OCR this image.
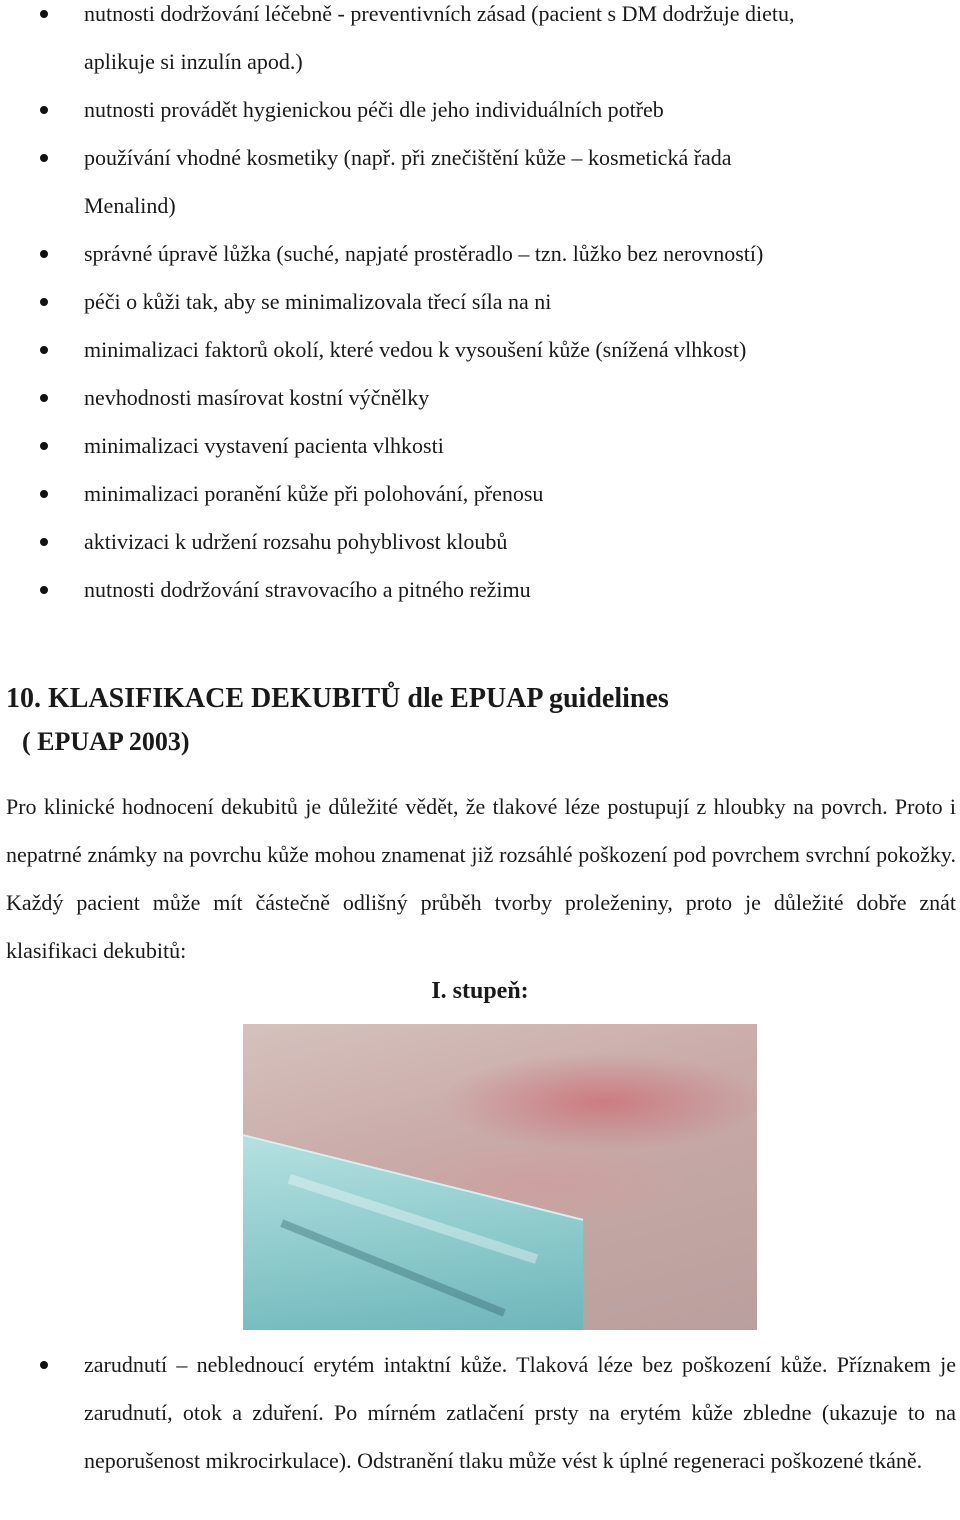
nutnosti dodržování léčebně - preventivních zásad (pacient s DM dodržuje dietu,
aplikuje si inzulín apod.)
nutnosti provádět hygienickou péči dle jeho individuálních potřeb
používání vhodné kosmetiky (např. při znečištění kůže – kosmetická řada
Menalind)
správné úpravě lůžka (suché, napjaté prostěradlo – tzn. lůžko bez nerovností)
péči o kůži tak, aby se minimalizovala třecí síla na ni
minimalizaci faktorů okolí, které vedou k vysoušení kůže (snížená vlhkost)
nevhodnosti masírovat kostní výčnělky
minimalizaci vystavení pacienta vlhkosti
minimalizaci poranění kůže při polohování, přenosu
aktivizaci k udržení rozsahu pohyblivost kloubů
nutnosti dodržování stravovacího a pitného režimu
10. KLASIFIKACE DEKUBITŮ dle EPUAP guidelines
( EPUAP 2003)

Pro klinické hodnocení dekubitů je důležité vědět, že tlakové léze postupují z hloubky na povrch. Proto i nepatrné známky na povrchu kůže mohou znamenat již rozsáhlé poškození pod povrchem svrchní pokožky. Každý pacient může mít částečně odlišný průběh tvorby proleženiny, proto je důležité dobře znát klasifikaci dekubitů:

I. stupeň:

zarudnutí – neblednoucí erytém intaktní kůže. Tlaková léze bez poškození kůže. Příznakem je zarudnutí, otok a zduření. Po mírném zatlačení prsty na erytém kůže zbledne (ukazuje to na neporušenost mikrocirkulace). Odstranění tlaku může vést k úplné regeneraci poškozené tkáně.
